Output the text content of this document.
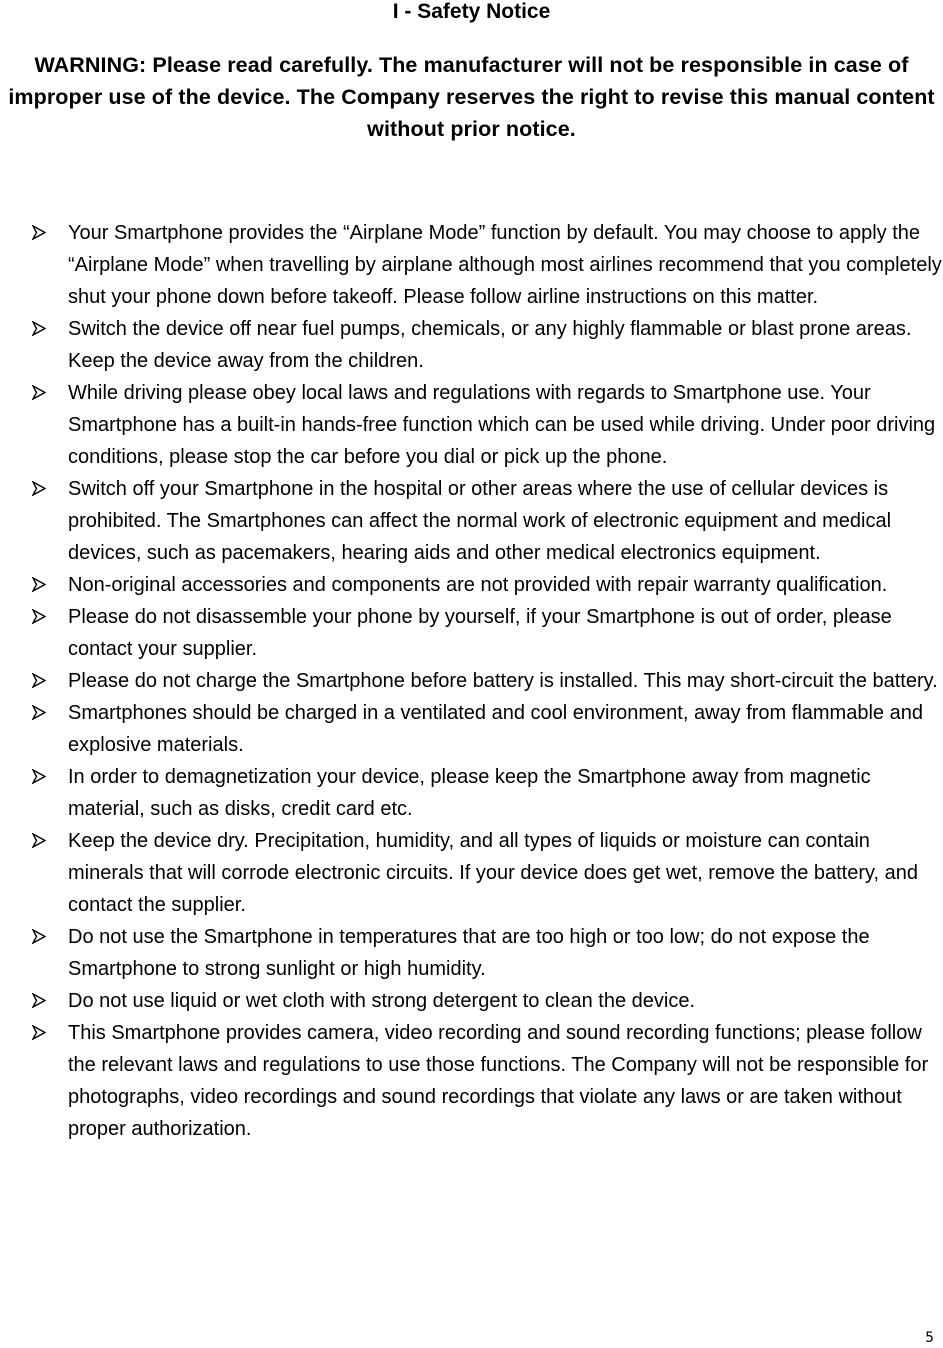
I - Safety Notice
WARNING: Please read carefully. The manufacturer will not be responsible in case of improper use of the device. The Company reserves the right to revise this manual content without prior notice.
Your Smartphone provides the “Airplane Mode” function by default. You may choose to apply the “Airplane Mode” when travelling by airplane although most airlines recommend that you completely shut your phone down before takeoff. Please follow airline instructions on this matter.
Switch the device off near fuel pumps, chemicals, or any highly flammable or blast prone areas. Keep the device away from the children.
While driving please obey local laws and regulations with regards to Smartphone use. Your Smartphone has a built-in hands-free function which can be used while driving. Under poor driving conditions, please stop the car before you dial or pick up the phone.
Switch off your Smartphone in the hospital or other areas where the use of cellular devices is prohibited. The Smartphones can affect the normal work of electronic equipment and medical devices, such as pacemakers, hearing aids and other medical electronics equipment.
Non-original accessories and components are not provided with repair warranty qualification.
Please do not disassemble your phone by yourself, if your Smartphone is out of order, please contact your supplier.
Please do not charge the Smartphone before battery is installed. This may short-circuit the battery.
Smartphones should be charged in a ventilated and cool environment, away from flammable and explosive materials.
In order to demagnetization your device, please keep the Smartphone away from magnetic material, such as disks, credit card etc.
Keep the device dry. Precipitation, humidity, and all types of liquids or moisture can contain minerals that will corrode electronic circuits. If your device does get wet, remove the battery, and contact the supplier.
Do not use the Smartphone in temperatures that are too high or too low; do not expose the Smartphone to strong sunlight or high humidity.
Do not use liquid or wet cloth with strong detergent to clean the device.
This Smartphone provides camera, video recording and sound recording functions; please follow the relevant laws and regulations to use those functions. The Company will not be responsible for photographs, video recordings and sound recordings that violate any laws or are taken without proper authorization.
5
